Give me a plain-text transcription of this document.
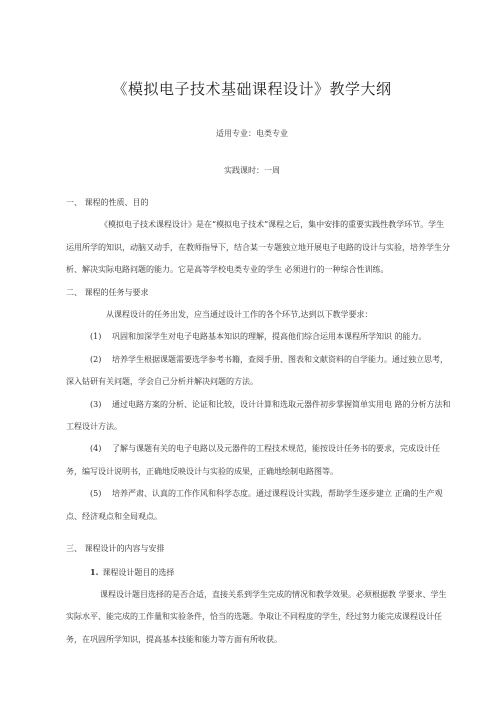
《模拟电子技术基础课程设计》教学大纲
适用专业：电类专业
实践课时：一周
一、 课程的性质、目的

《模拟电子技术课程设计》是在“模拟电子技术”课程之后，集中安排的重要实践性教学环节。学生运用所学的知识，动脑又动手，在教师指导下，结合某一专题独立地开展电子电路的设计与实验，培养学生分析、解决实际电路问题的能力。它是高等学校电类专业的学生 必须进行的一种综合性训练。

二、 课程的任务与要求

从课程设计的任务出发，应当通过设计工作的各个环节,达到以下教学要求：

(1) 巩固和加深学生对电子电路基本知识的理解，提高他们综合运用本课程所学知识 的能力。

(2) 培养学生根据课题需要选学参考书籍，查阅手册、图表和文献资料的自学能力。通过独立思考，深入钻研有关问题，学会自己分析并解决问题的方法。

(3) 通过电路方案的分析、论证和比较，设计计算和选取元器件初步掌握简单实用电 路的分析方法和工程设计方法。

(4) 了解与课题有关的电子电路以及元器件的工程技术规范，能按设计任务书的要求，完成设计任务，编写设计说明书，正确地反映设计与实验的成果，正确地绘制电路图等。

(5) 培养严肃、认真的工作作风和科学态度。通过课程设计实践，帮助学生逐步建立 正确的生产观点、经济观点和全局观点。

三、 课程设计的内容与安排

1. 课程设计题目的选择

课程设计题目选择的是否合适，直接关系到学生完成的情况和教学效果。必须根据教 学要求、学生实际水平、能完成的工作量和实验条件，恰当的选题。争取让不同程度的学生，经过努力能完成课程设计任务，在巩固所学知识，提高基本技能和能力等方面有所收获。
